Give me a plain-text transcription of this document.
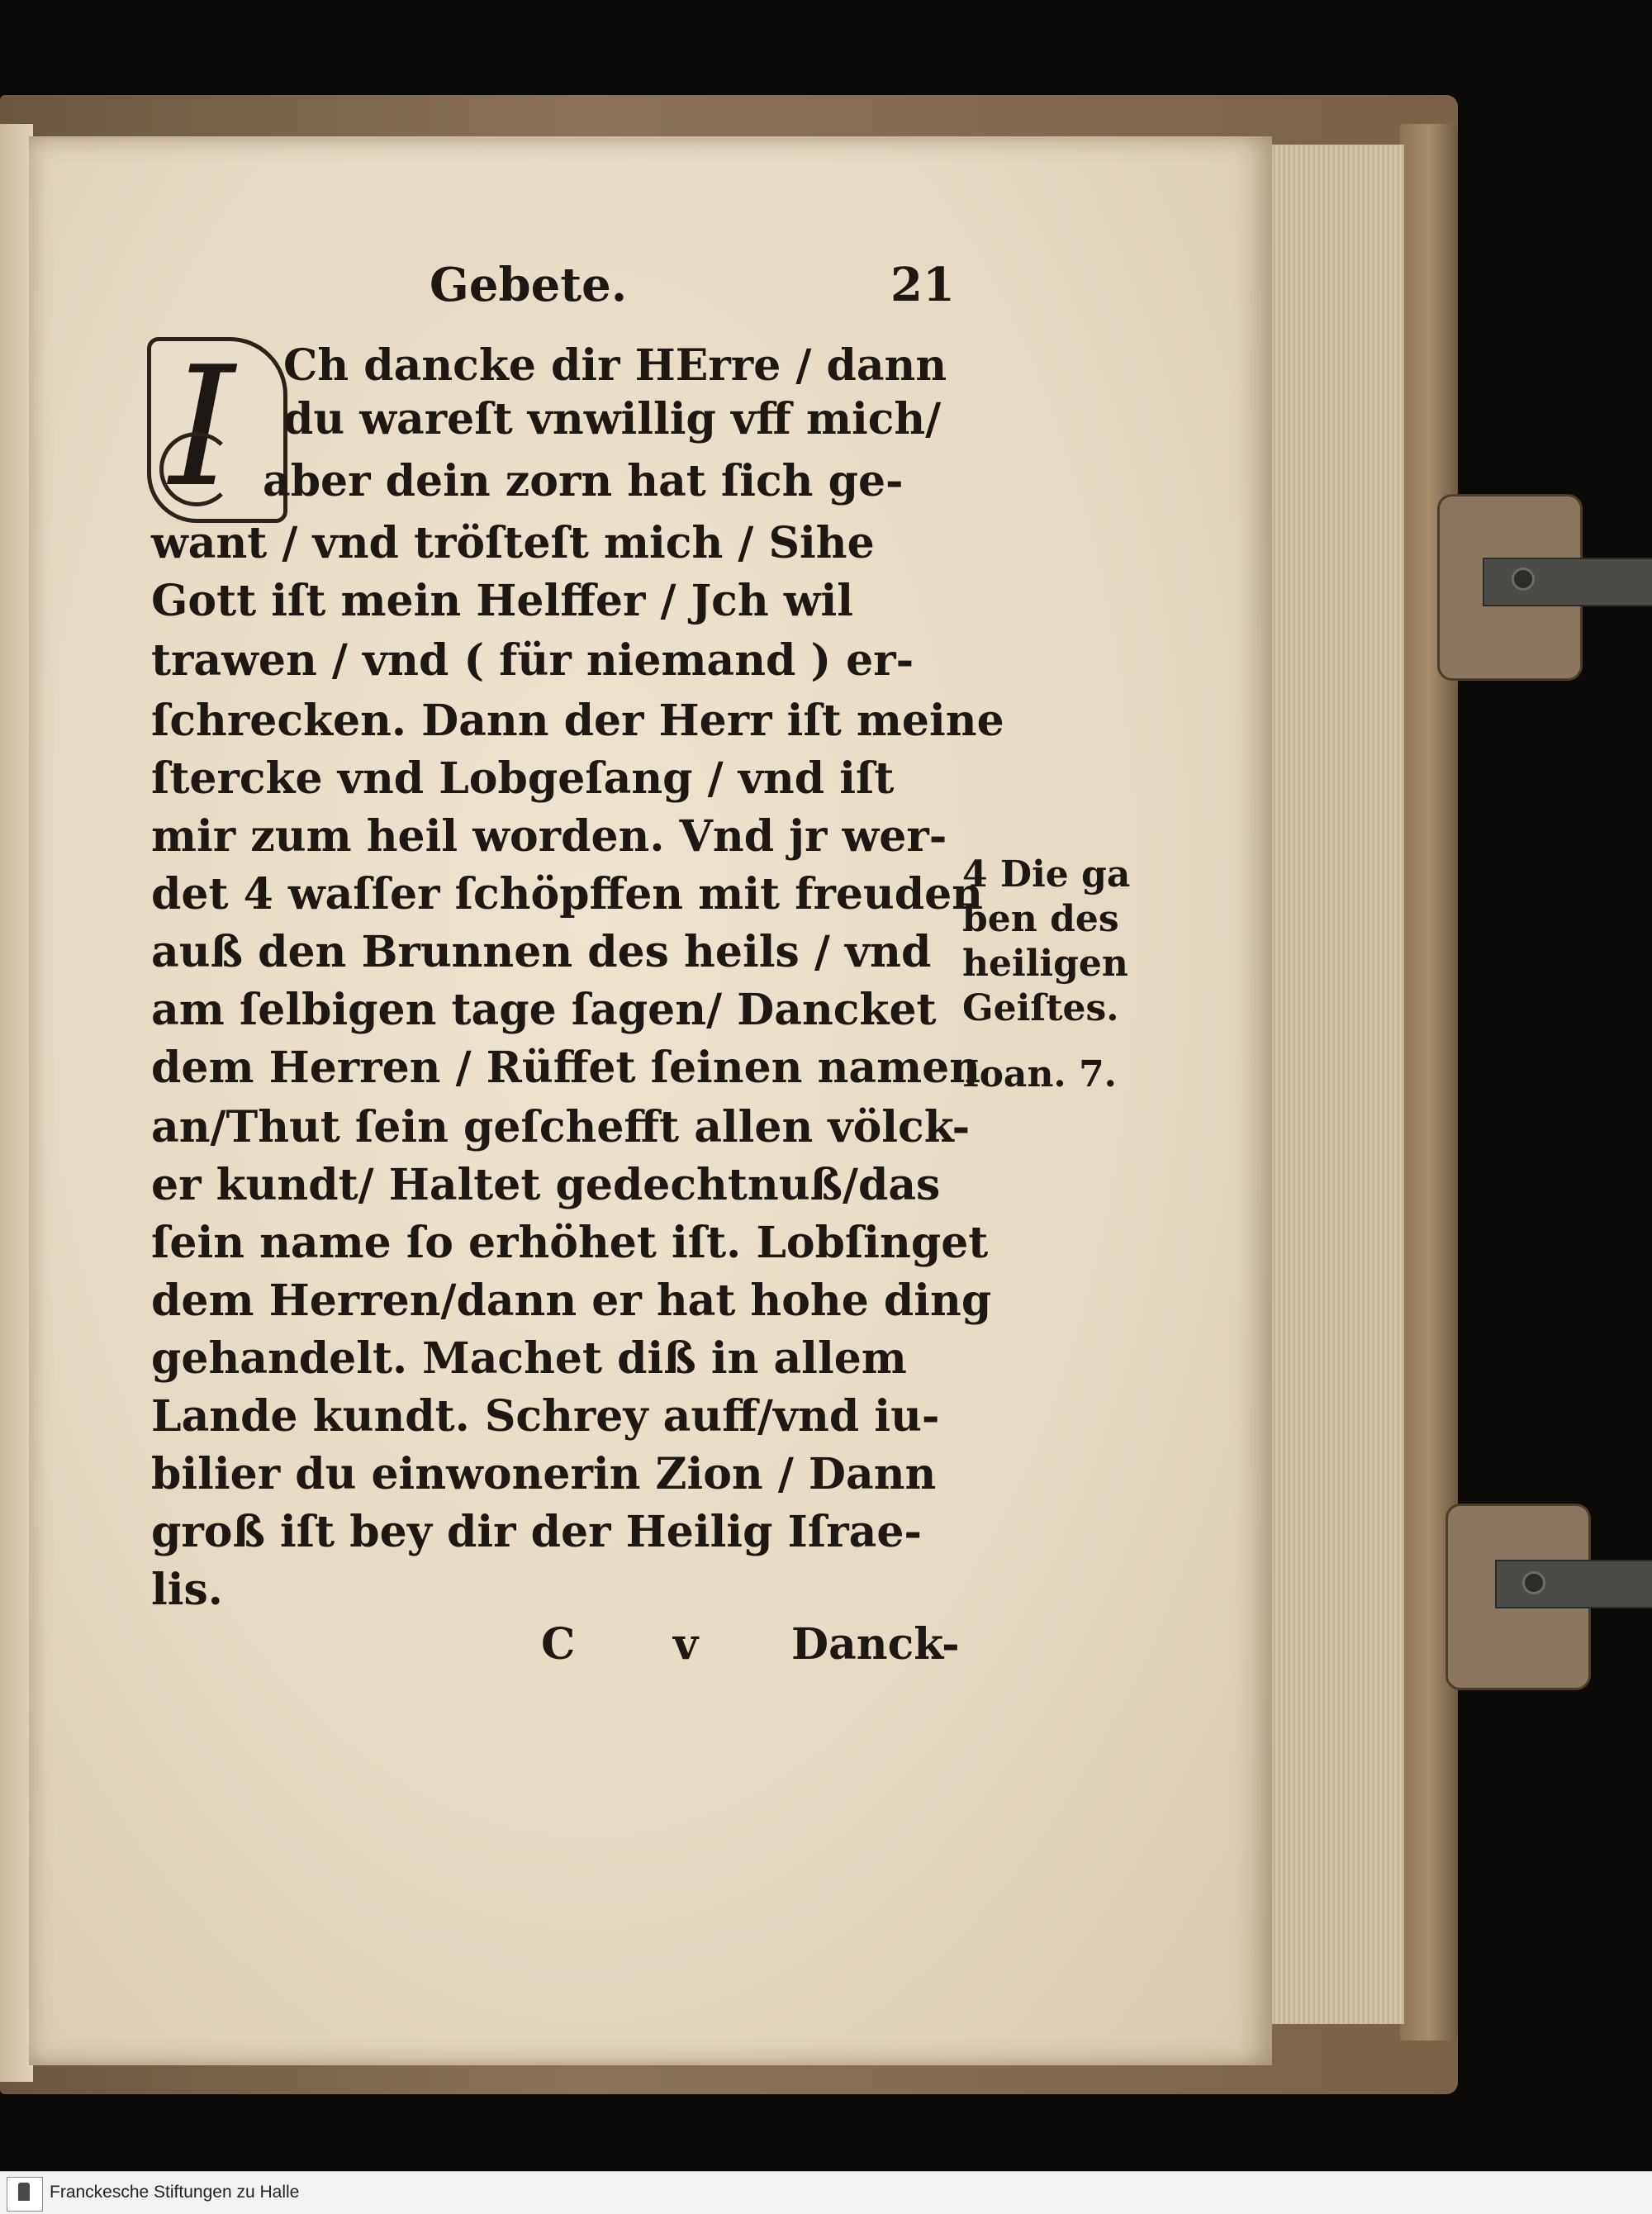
Gebete.	21
I Ch dancke dir HErre / dann
du wareſt vnwillig vff mich/
aber dein zorn hat ſich ge-
want / vnd tröſteſt mich / Sihe
Gott iſt mein Helffer / Jch wil
trawen / vnd ( für niemand ) er-
ſchrecken. Dann der Herr iſt meine
ſtercke vnd Lobgeſang / vnd iſt
mir zum heil worden. Vnd jr wer-
det 4 waſſer ſchöpffen mit freuden
auß den Brunnen des heils / vnd
am ſelbigen tage ſagen/ Dancket
dem Herren / Rüffet ſeinen namen
an/Thut ſein geſchefft allen völck-
er kundt/ Haltet gedechtnuß/das
ſein name ſo erhöhet iſt. Lobſinget
dem Herren/dann er hat hohe ding
gehandelt. Machet diß in allem
Lande kundt. Schrey auff/vnd iu-
bilier du einwonerin Zion / Dann
groß iſt bey dir der Heilig Iſrae-
lis.
4 Die ga
ben des
heiligen
Geiſtes.
Ioan. 7.
C v Danck-
Franckesche Stiftungen zu Halle
